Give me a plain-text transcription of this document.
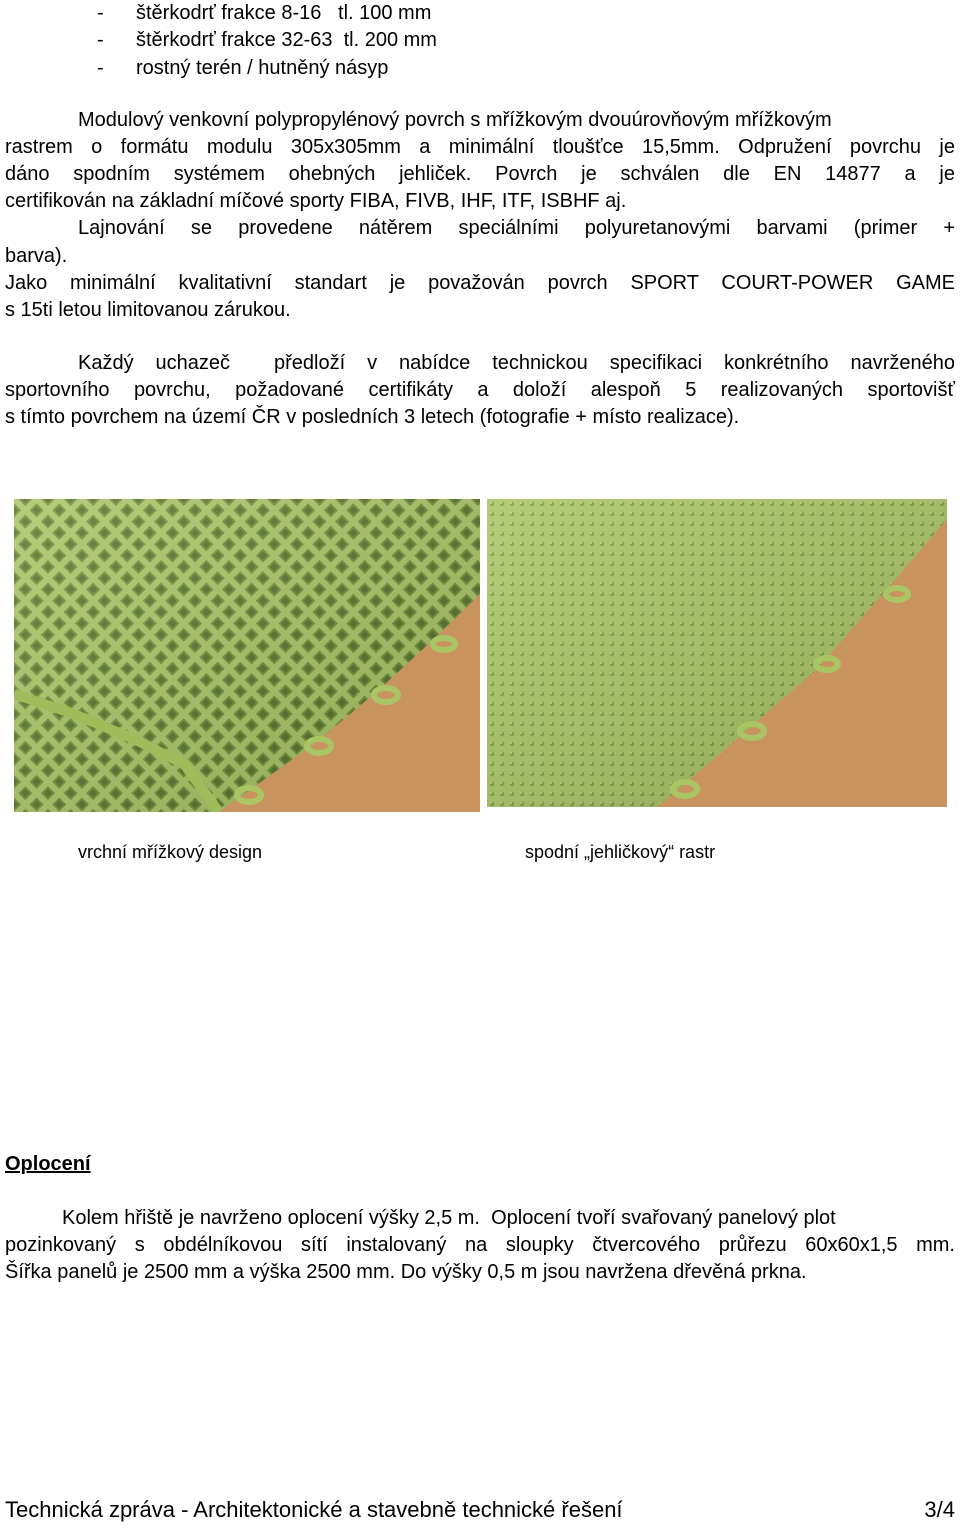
- štěrkodrť frakce 8-16   tl. 100 mm
- štěrkodrť frakce 32-63  tl. 200 mm
- rostný terén / hutněný násyp
Modulový venkovní polypropylénový povrch s mřížkovým dvouúrovňovým mřížkovým
rastrem o formátu modulu 305x305mm a minimální tloušťce 15,5mm. Odpružení povrchu je
dáno spodním systémem ohebných jehliček. Povrch je schválen dle EN 14877 a je
certifikován na základní míčové sporty FIBA, FIVB, IHF, ITF, ISBHF aj.
Lajnování se provedene nátěrem speciálními polyuretanovými barvami (primer +
barva).
Jako minimální kvalitativní standart je považován povrch SPORT COURT-POWER GAME
s 15ti letou limitovanou zárukou.
Každý uchazeč  předloží v nabídce technickou specifikaci konkrétního navrženého
sportovního povrchu, požadované certifikáty a doloží alespoň 5 realizovaných sportovišť
s tímto povrchem na území ČR v posledních 3 letech (fotografie + místo realizace).
vrchní mřížkový design	spodní „jehličkový“ rastr
Oplocení
Kolem hřiště je navrženo oplocení výšky 2,5 m.  Oplocení tvoří svařovaný panelový plot
pozinkovaný s obdélníkovou sítí instalovaný na sloupky čtvercového průřezu 60x60x1,5 mm.
Šířka panelů je 2500 mm a výška 2500 mm. Do výšky 0,5 m jsou navržena dřevěná prkna.
Technická zpráva - Architektonické a stavebně technické řešení	3/4
